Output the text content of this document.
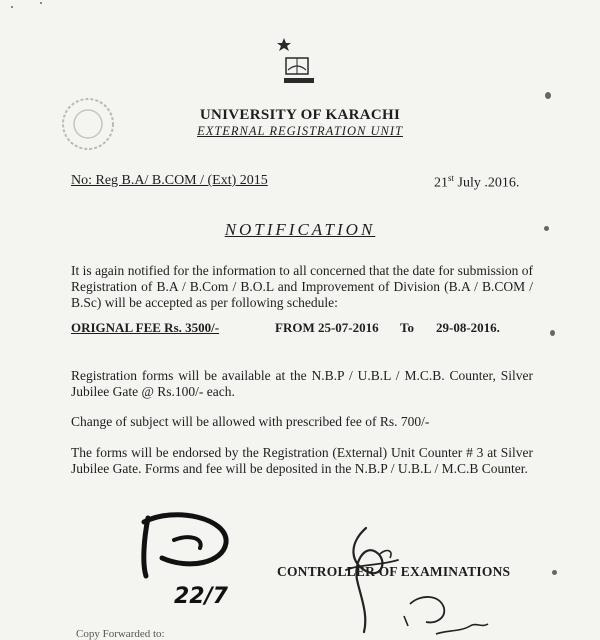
UNIVERSITY OF KARACHI
EXTERNAL REGISTRATION UNIT
No: Reg B.A/ B.COM / (Ext) 2015	21st July .2016.
NOTIFICATION
It is again notified for the information to all concerned that the date for submission of Registration of B.A / B.Com / B.O.L and Improvement of Division (B.A / B.COM / B.Sc) will be accepted as per following schedule:
ORIGNAL FEE Rs. 3500/-	FROM 25-07-2016 To 29-08-2016.
Registration forms will be available at the N.B.P / U.B.L / M.C.B. Counter, Silver Jubilee Gate @ Rs.100/- each.
Change of subject will be allowed with prescribed fee of Rs. 700/-
The forms will be endorsed by the Registration (External) Unit Counter # 3 at Silver Jubilee Gate. Forms and fee will be deposited in the N.B.P / U.B.L / M.C.B Counter.
22/7
CONTROLLER OF EXAMINATIONS
Copy Forwarded to:
